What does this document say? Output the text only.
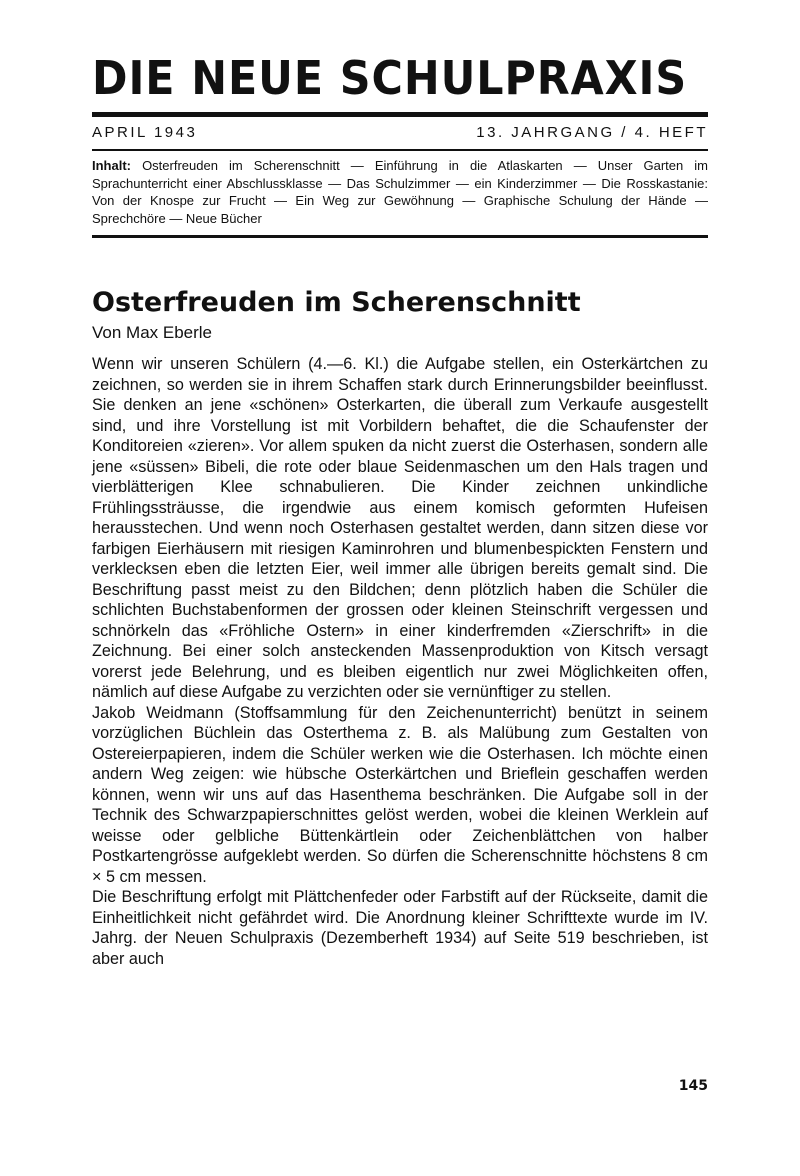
DIE NEUE SCHULPRAXIS
APRIL 1943	13. JAHRGANG / 4. HEFT
Inhalt: Osterfreuden im Scherenschnitt — Einführung in die Atlaskarten — Unser Garten im Sprachunterricht einer Abschlussklasse — Das Schulzimmer — ein Kinderzimmer — Die Rosskastanie: Von der Knospe zur Frucht — Ein Weg zur Gewöhnung — Graphische Schulung der Hände — Sprechchöre — Neue Bücher
Osterfreuden im Scherenschnitt
Von Max Eberle

Wenn wir unseren Schülern (4.—6. Kl.) die Aufgabe stellen, ein Osterkärtchen zu zeichnen, so werden sie in ihrem Schaffen stark durch Erinnerungsbilder beeinflusst. Sie denken an jene «schönen» Osterkarten, die überall zum Verkaufe ausgestellt sind, und ihre Vorstellung ist mit Vorbildern behaftet, die die Schaufenster der Konditoreien «zieren». Vor allem spuken da nicht zuerst die Osterhasen, sondern alle jene «süssen» Bibeli, die rote oder blaue Seidenmaschen um den Hals tragen und vierblätterigen Klee schnabulieren. Die Kinder zeichnen unkindliche Frühlingssträusse, die irgendwie aus einem komisch geformten Hufeisen herausstechen. Und wenn noch Osterhasen gestaltet werden, dann sitzen diese vor farbigen Eierhäusern mit riesigen Kaminrohren und blumenbespickten Fenstern und verklecksen eben die letzten Eier, weil immer alle übrigen bereits gemalt sind. Die Beschriftung passt meist zu den Bildchen; denn plötzlich haben die Schüler die schlichten Buchstabenformen der grossen oder kleinen Steinschrift vergessen und schnörkeln das «Fröhliche Ostern» in einer kinderfremden «Zierschrift» in die Zeichnung. Bei einer solch ansteckenden Massenproduktion von Kitsch versagt vorerst jede Belehrung, und es bleiben eigentlich nur zwei Möglichkeiten offen, nämlich auf diese Aufgabe zu verzichten oder sie vernünftiger zu stellen.

Jakob Weidmann (Stoffsammlung für den Zeichenunterricht) benützt in seinem vorzüglichen Büchlein das Osterthema z. B. als Malübung zum Gestalten von Ostereierpapieren, indem die Schüler werken wie die Osterhasen. Ich möchte einen andern Weg zeigen: wie hübsche Osterkärtchen und Brieflein geschaffen werden können, wenn wir uns auf das Hasenthema beschränken. Die Aufgabe soll in der Technik des Schwarzpapierschnittes gelöst werden, wobei die kleinen Werklein auf weisse oder gelbliche Büttenkärtlein oder Zeichenblättchen von halber Postkartengrösse aufgeklebt werden. So dürfen die Scherenschnitte höchstens 8 cm × 5 cm messen.

Die Beschriftung erfolgt mit Plättchenfeder oder Farbstift auf der Rückseite, damit die Einheitlichkeit nicht gefährdet wird. Die Anordnung kleiner Schrifttexte wurde im IV. Jahrg. der Neuen Schulpraxis (Dezemberheft 1934) auf Seite 519 beschrieben, ist aber auch

145
